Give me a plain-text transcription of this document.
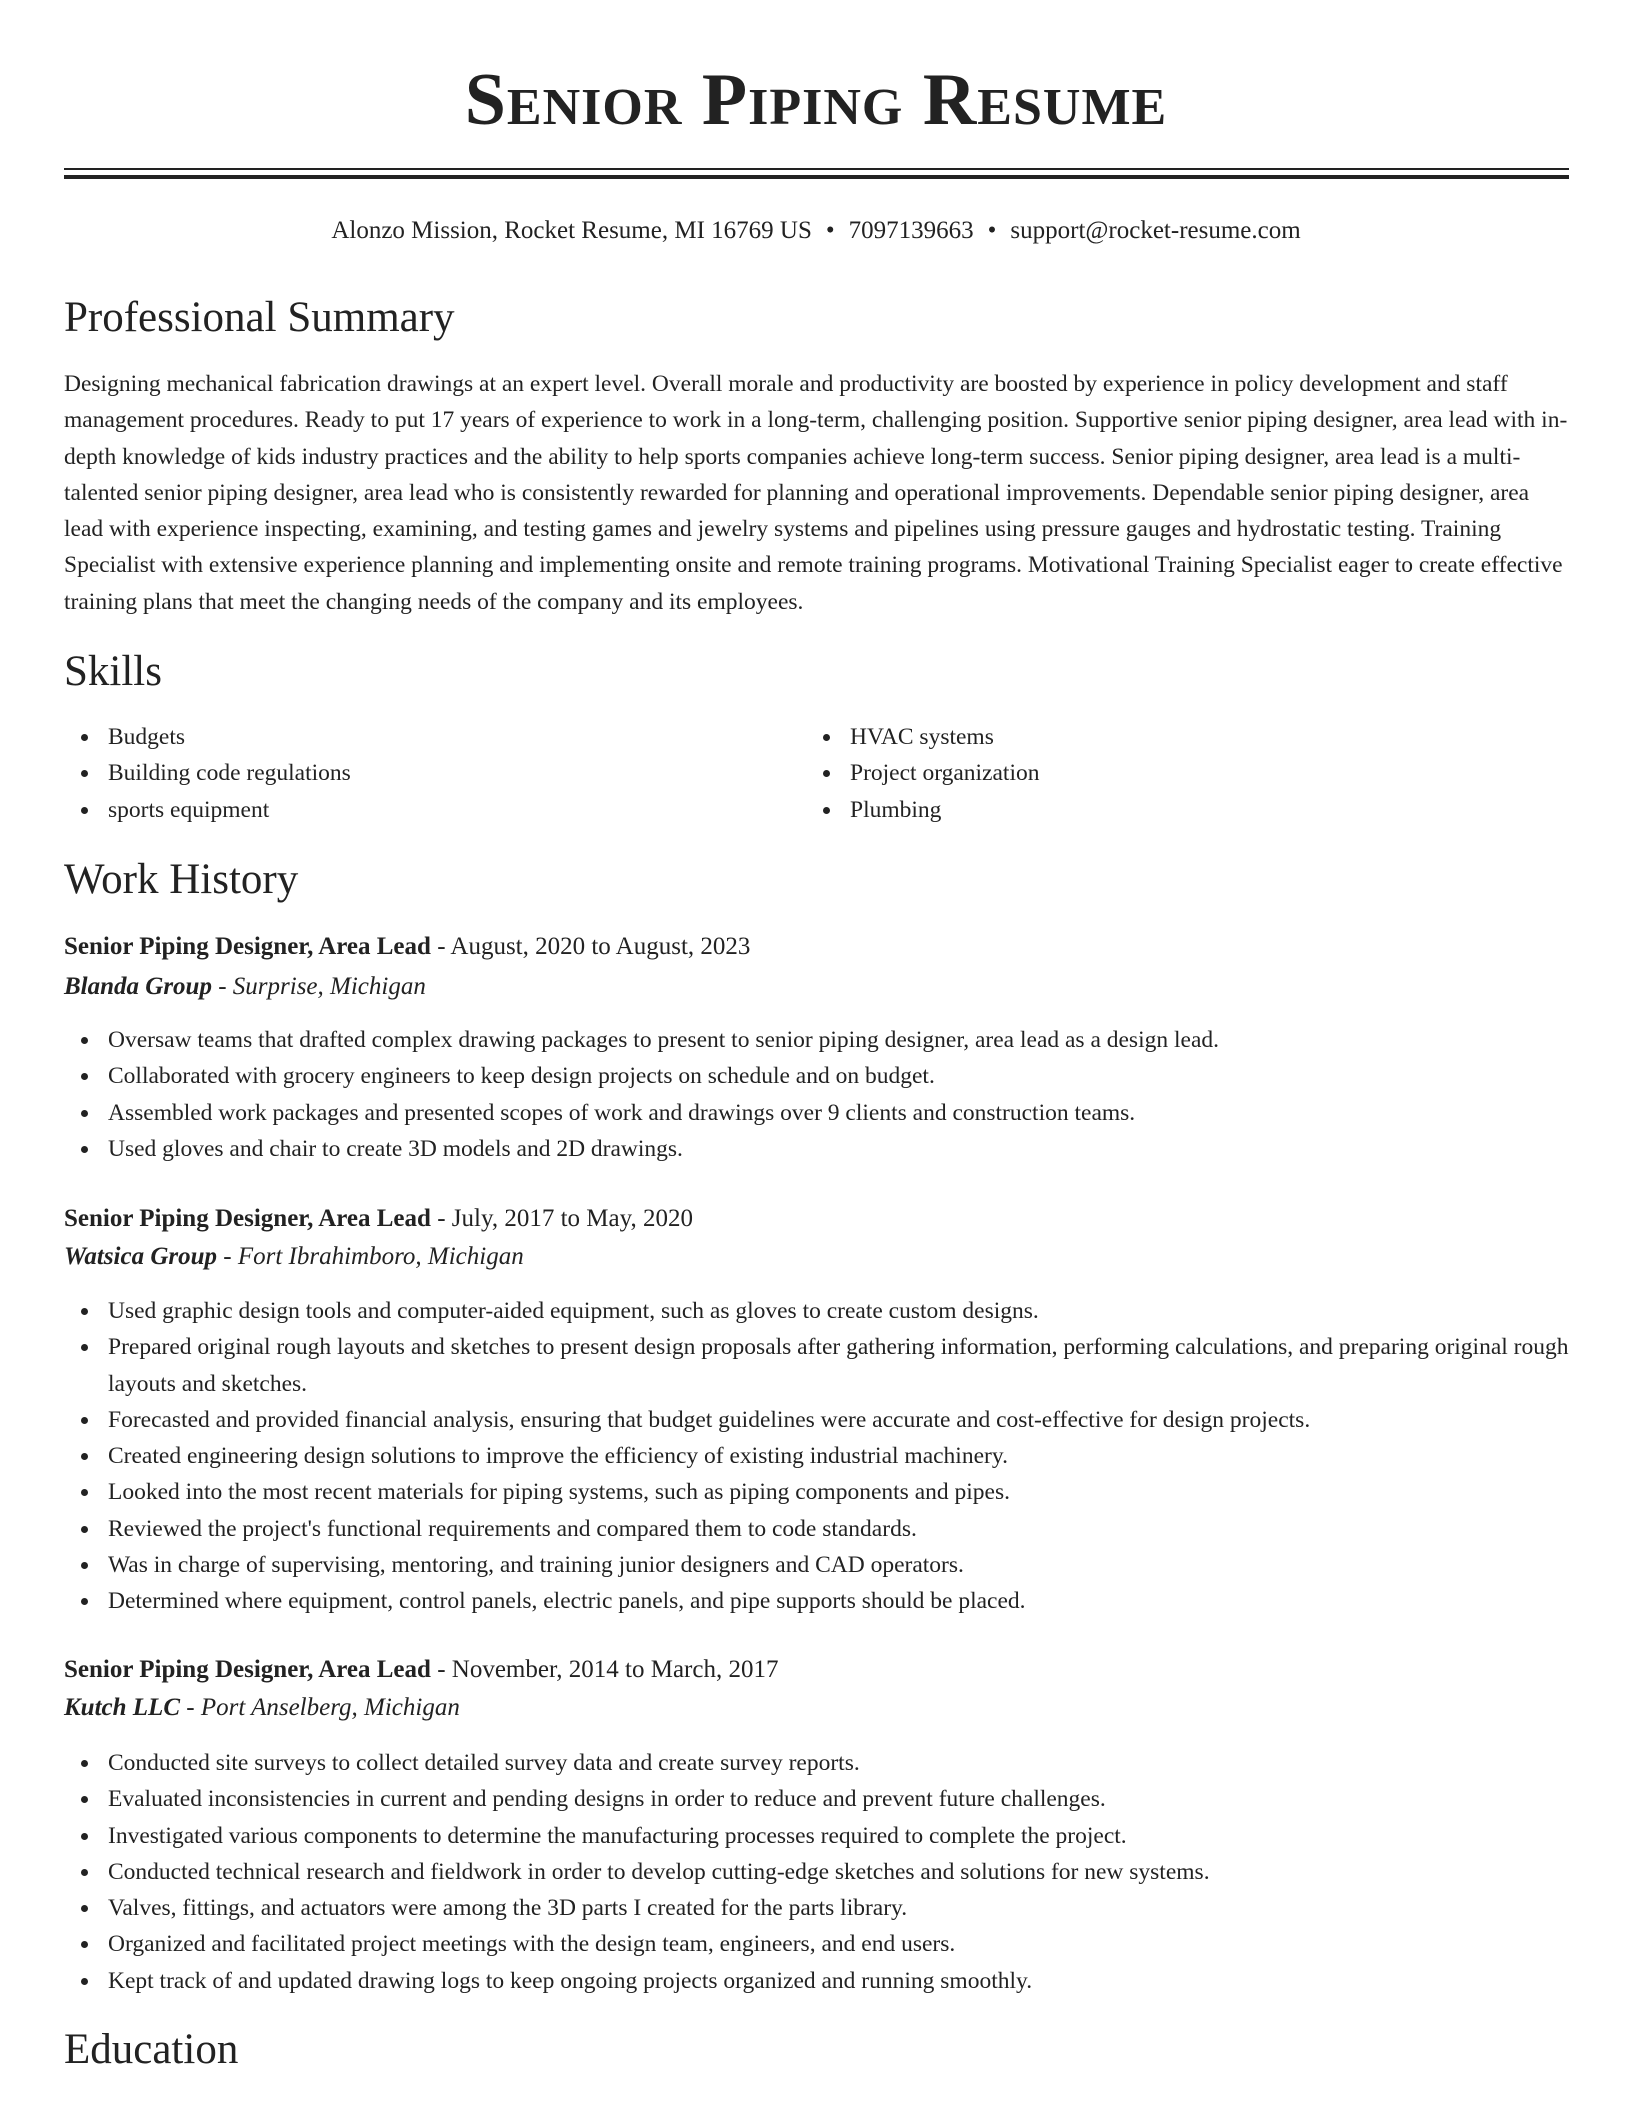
Senior Piping Resume

Alonzo Mission, Rocket Resume, MI 16769 US • 7097139663 • support@rocket-resume.com

Professional Summary

Designing mechanical fabrication drawings at an expert level. Overall morale and productivity are boosted by experience in policy development and staff management procedures. Ready to put 17 years of experience to work in a long-term, challenging position. Supportive senior piping designer, area lead with in-depth knowledge of kids industry practices and the ability to help sports companies achieve long-term success. Senior piping designer, area lead is a multi-talented senior piping designer, area lead who is consistently rewarded for planning and operational improvements. Dependable senior piping designer, area lead with experience inspecting, examining, and testing games and jewelry systems and pipelines using pressure gauges and hydrostatic testing. Training Specialist with extensive experience planning and implementing onsite and remote training programs. Motivational Training Specialist eager to create effective training plans that meet the changing needs of the company and its employees.

Skills
Budgets
Building code regulations
sports equipment
HVAC systems
Project organization
Plumbing
Work History

Senior Piping Designer, Area Lead - August, 2020 to August, 2023

Blanda Group - Surprise, Michigan

Oversaw teams that drafted complex drawing packages to present to senior piping designer, area lead as a design lead.
Collaborated with grocery engineers to keep design projects on schedule and on budget.
Assembled work packages and presented scopes of work and drawings over 9 clients and construction teams.
Used gloves and chair to create 3D models and 2D drawings.

Senior Piping Designer, Area Lead - July, 2017 to May, 2020

Watsica Group - Fort Ibrahimboro, Michigan

Used graphic design tools and computer-aided equipment, such as gloves to create custom designs.
Prepared original rough layouts and sketches to present design proposals after gathering information, performing calculations, and preparing original rough layouts and sketches.
Forecasted and provided financial analysis, ensuring that budget guidelines were accurate and cost-effective for design projects.
Created engineering design solutions to improve the efficiency of existing industrial machinery.
Looked into the most recent materials for piping systems, such as piping components and pipes.
Reviewed the project's functional requirements and compared them to code standards.
Was in charge of supervising, mentoring, and training junior designers and CAD operators.
Determined where equipment, control panels, electric panels, and pipe supports should be placed.

Senior Piping Designer, Area Lead - November, 2014 to March, 2017

Kutch LLC - Port Anselberg, Michigan

Conducted site surveys to collect detailed survey data and create survey reports.
Evaluated inconsistencies in current and pending designs in order to reduce and prevent future challenges.
Investigated various components to determine the manufacturing processes required to complete the project.
Conducted technical research and fieldwork in order to develop cutting-edge sketches and solutions for new systems.
Valves, fittings, and actuators were among the 3D parts I created for the parts library.
Organized and facilitated project meetings with the design team, engineers, and end users.
Kept track of and updated drawing logs to keep ongoing projects organized and running smoothly.
Education
